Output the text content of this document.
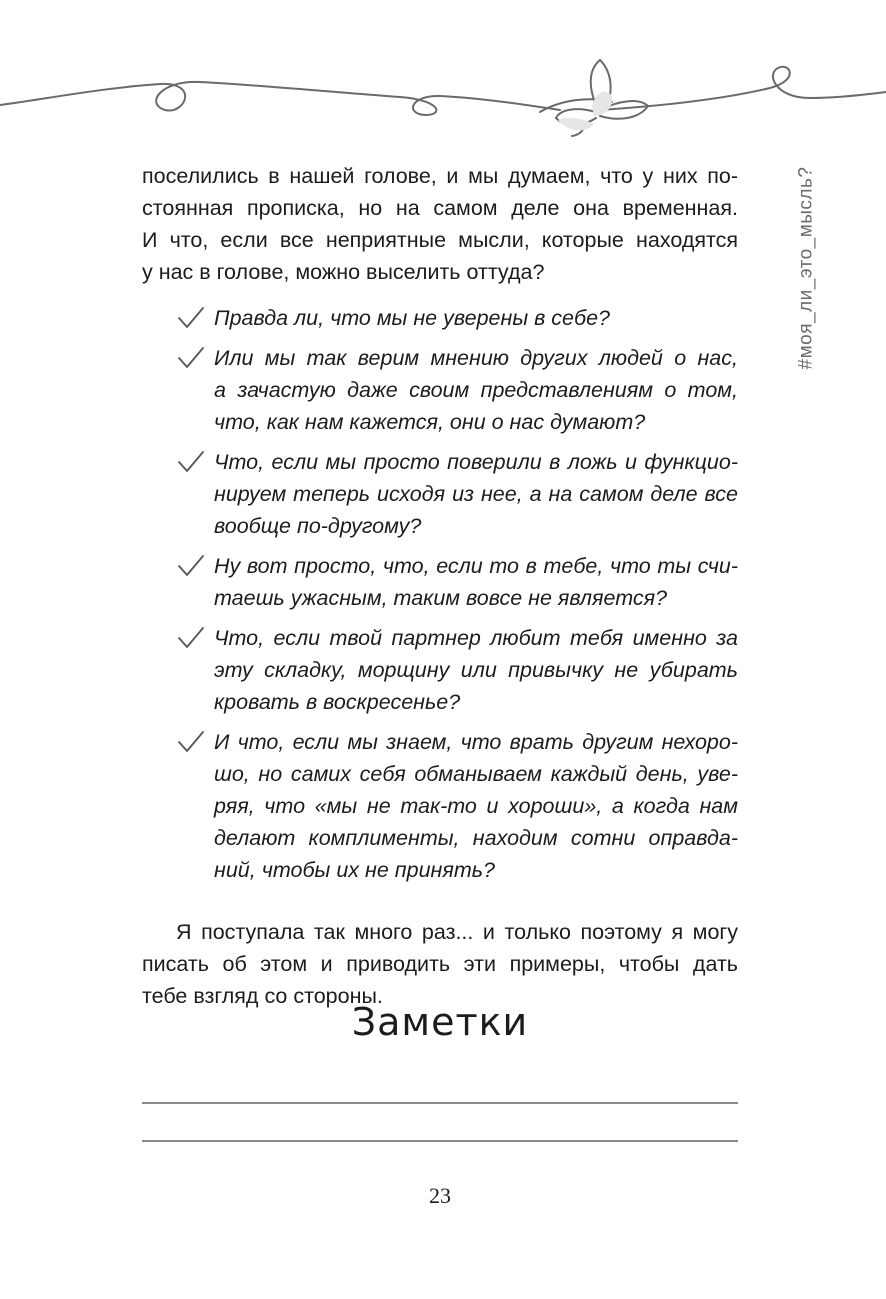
#моя_ли_это_мысль?

поселились в нашей голове, и мы думаем, что у них по-
стоянная прописка, но на самом деле она временная.
И что, если все неприятные мысли, которые находятся
у нас в голове, можно выселить оттуда?

Правда ли, что мы не уверены в себе?
Или мы так верим мнению других людей о нас,
а зачастую даже своим представлениям о том,
что, как нам кажется, они о нас думают?
Что, если мы просто поверили в ложь и функцио-
нируем теперь исходя из нее, а на самом деле все
вообще по-другому?
Ну вот просто, что, если то в тебе, что ты счи-
таешь ужасным, таким вовсе не является?
Что, если твой партнер любит тебя именно за
эту складку, морщину или привычку не убирать
кровать в воскресенье?
И что, если мы знаем, что врать другим нехоро-
шо, но самих себя обманываем каждый день, уве-
ряя, что «мы не так-то и хороши», а когда нам
делают комплименты, находим сотни оправда-
ний, чтобы их не принять?

Я поступала так много раз... и только поэтому я могу
писать об этом и приводить эти примеры, чтобы дать
тебе взгляд со стороны.

Заметки
23
